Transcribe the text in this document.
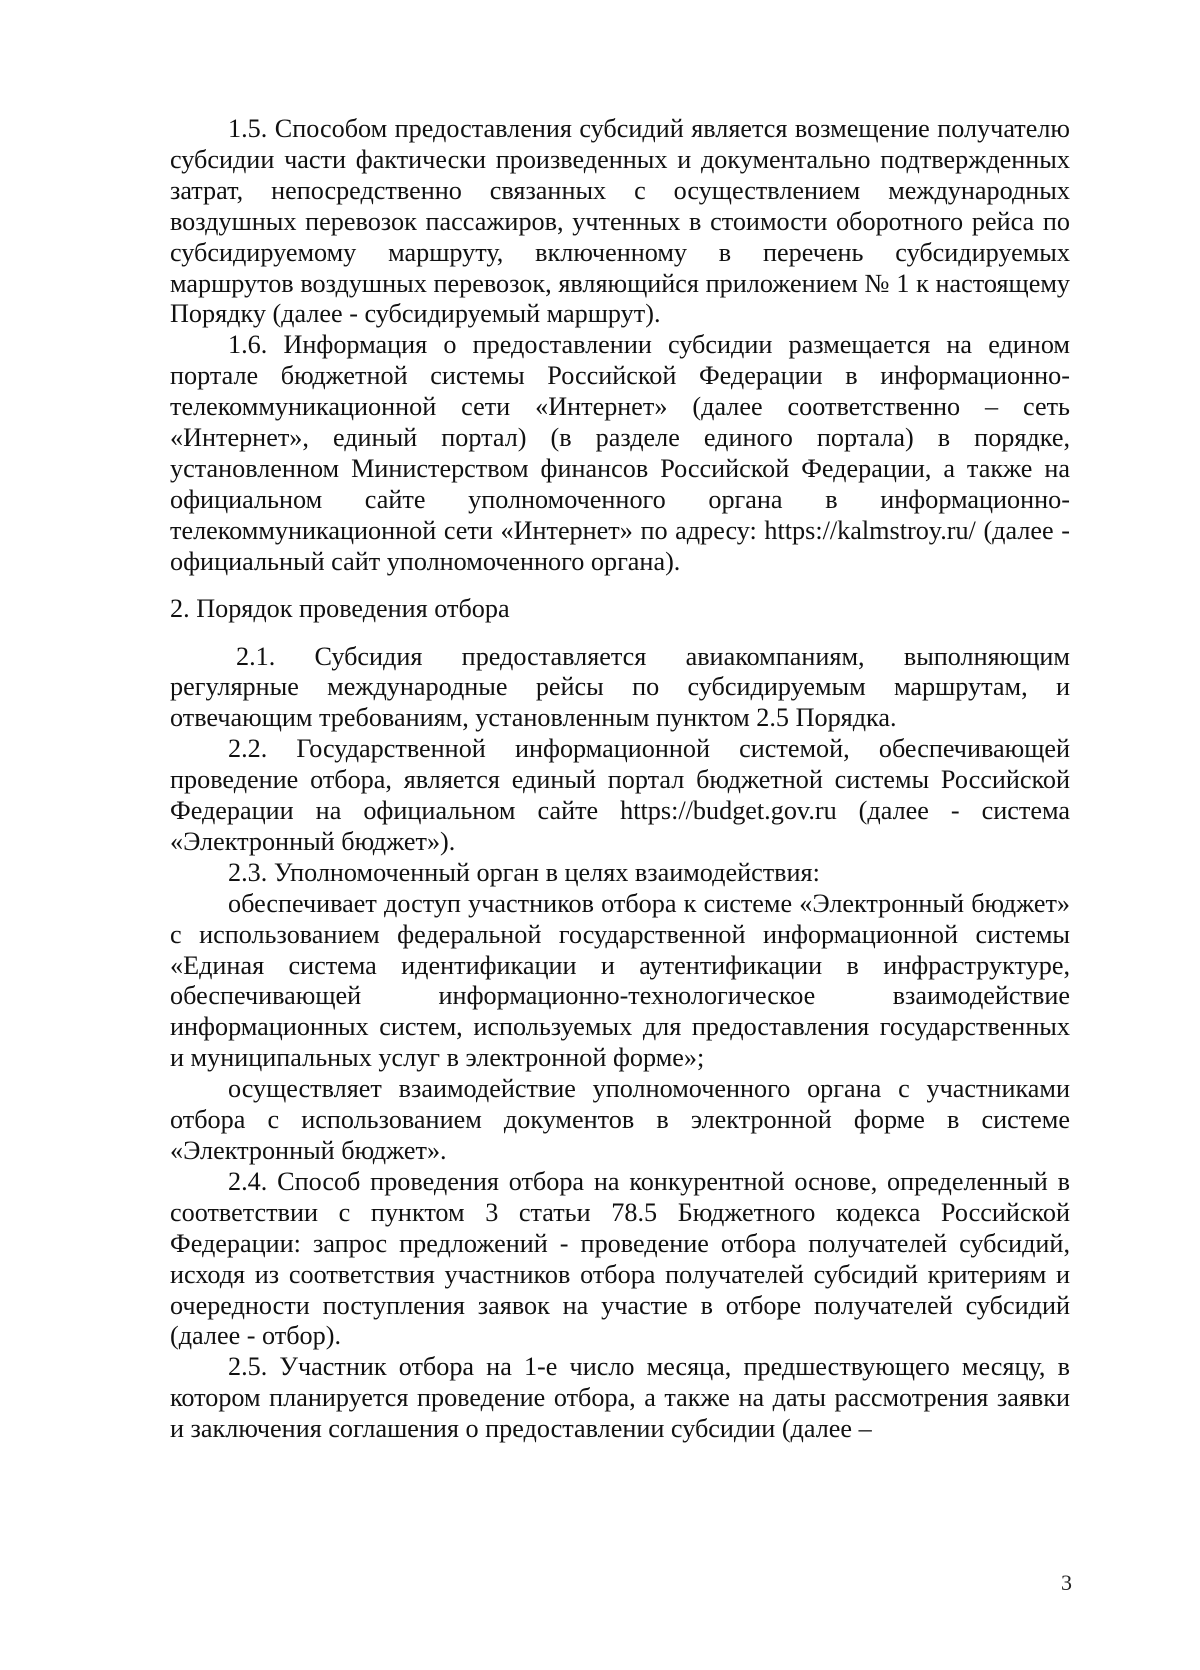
1.5. Способом предоставления субсидий является возмещение получателю субсидии части фактически произведенных и документально подтвержденных затрат, непосредственно связанных с осуществлением международных воздушных перевозок пассажиров, учтенных в стоимости оборотного рейса по субсидируемому маршруту, включенному в перечень субсидируемых маршрутов воздушных перевозок, являющийся приложением № 1 к настоящему Порядку (далее - субсидируемый маршрут).

1.6. Информация о предоставлении субсидии размещается на едином портале бюджетной системы Российской Федерации в информационно-телекоммуникационной сети «Интернет» (далее соответственно – сеть «Интернет», единый портал) (в разделе единого портала) в порядке, установленном Министерством финансов Российской Федерации, а также на официальном сайте уполномоченного органа в информационно-телекоммуникационной сети «Интернет» по адресу: https://kalmstroy.ru/ (далее - официальный сайт уполномоченного органа).

2. Порядок проведения отбора

2.1. Субсидия предоставляется авиакомпаниям, выполняющим регулярные международные рейсы по субсидируемым маршрутам, и отвечающим требованиям, установленным пунктом 2.5 Порядка.

2.2. Государственной информационной системой, обеспечивающей проведение отбора, является единый портал бюджетной системы Российской Федерации на официальном сайте https://budget.gov.ru (далее - система «Электронный бюджет»).

2.3. Уполномоченный орган в целях взаимодействия:

обеспечивает доступ участников отбора к системе «Электронный бюджет» с использованием федеральной государственной информационной системы «Единая система идентификации и аутентификации в инфраструктуре, обеспечивающей информационно-технологическое взаимодействие информационных систем, используемых для предоставления государственных и муниципальных услуг в электронной форме»;

осуществляет взаимодействие уполномоченного органа с участниками отбора с использованием документов в электронной форме в системе «Электронный бюджет».

2.4. Способ проведения отбора на конкурентной основе, определенный в соответствии с пунктом 3 статьи 78.5 Бюджетного кодекса Российской Федерации: запрос предложений - проведение отбора получателей субсидий, исходя из соответствия участников отбора получателей субсидий критериям и очередности поступления заявок на участие в отборе получателей субсидий (далее - отбор).

2.5. Участник отбора на 1-е число месяца, предшествующего месяцу, в котором планируется проведение отбора, а также на даты рассмотрения заявки и заключения соглашения о предоставлении субсидии (далее –

3
